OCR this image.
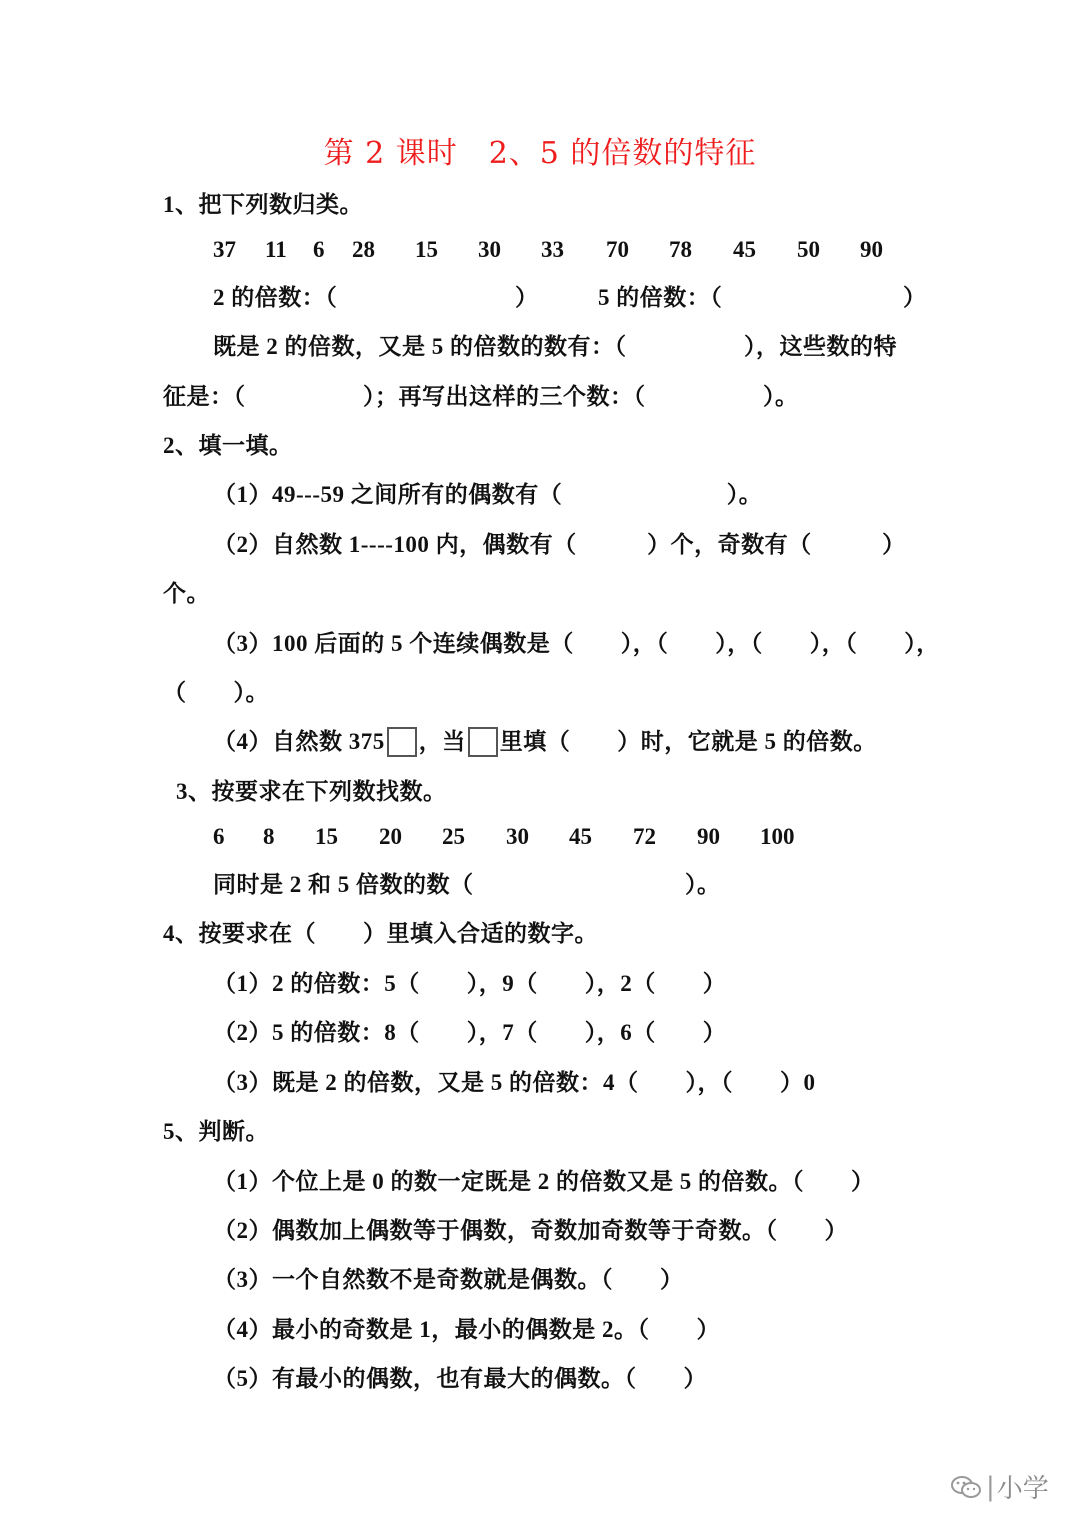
第 2 课时　2、5 的倍数的特征
1、把下列数归类。
37 11 6 28 15 30 33 70 78 45 50 90
2 的倍数：（	）	5 的倍数：（	）
既是 2 的倍数，又是 5 的倍数的数有：（　　　　　），这些数的特
征是：（　　　　　）；再写出这样的三个数：（　　　　　）。
2、填一填。
（1）49---59 之间所有的偶数有（　　　　　　　）。
（2）自然数 1----100 内，偶数有（　　　）个，奇数有（　　　）
个。
（3）100 后面的 5 个连续偶数是（　　），（　　），（　　），（　　），
（　　）。
（4）自然数 375 ，当 里填（　　）时，它就是 5 的倍数。
3、按要求在下列数找数。
6 8 15 20 25 30 45 72 90 100
同时是 2 和 5 倍数的数（　　　　　　　　　）。
4、按要求在（　　）里填入合适的数字。
（1）2 的倍数：5（　　），9（　　），2（　　）
（2）5 的倍数：8（　　），7（　　），6（　　）
（3）既是 2 的倍数，又是 5 的倍数：4（　　），（　　）0
5、判断。
（1）个位上是 0 的数一定既是 2 的倍数又是 5 的倍数。（　　）
（2）偶数加上偶数等于偶数，奇数加奇数等于奇数。（　　）
（3）一个自然数不是奇数就是偶数。（　　）
（4）最小的奇数是 1，最小的偶数是 2。（　　）
（5）有最小的偶数，也有最大的偶数。（　　）
| 小学
